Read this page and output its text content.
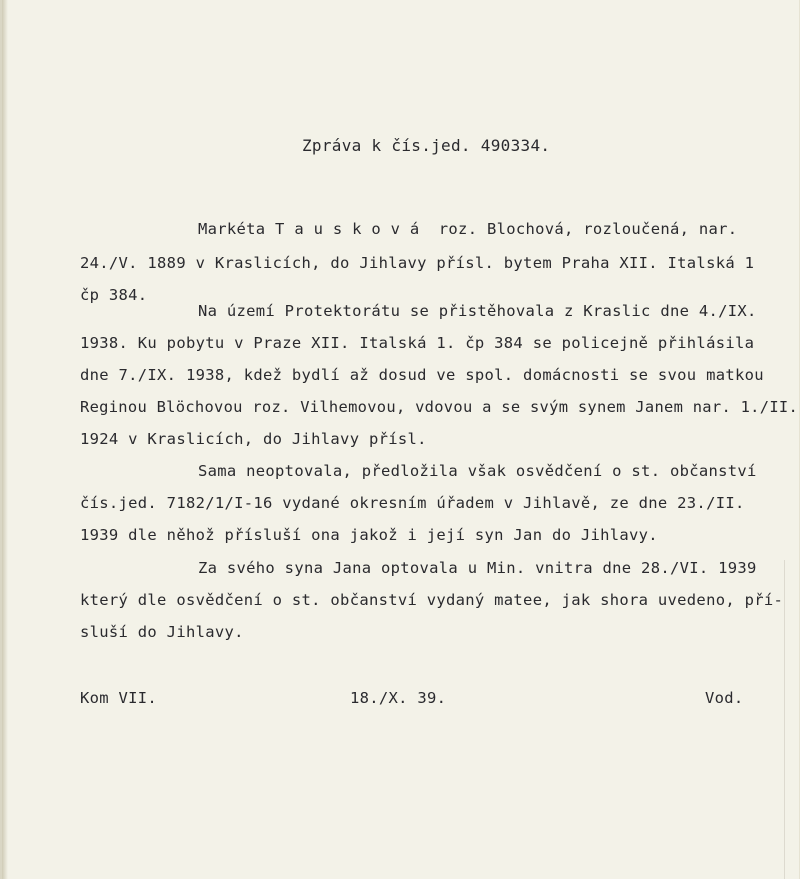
Zpráva k čís.jed. 490334.
Markéta T a u s k o v á  roz. Blochová, rozloučená, nar.
24./V. 1889 v Kraslicích, do Jihlavy přísl. bytem Praha XII. Italská 1
čp 384.
Na území Protektorátu se přistěhovala z Kraslic dne 4./IX.
1938. Ku pobytu v Praze XII. Italská 1. čp 384 se policejně přihlásila
dne 7./IX. 1938, kdež bydlí až dosud ve spol. domácnosti se svou matkou
Reginou Blöchovou roz. Vilhemovou, vdovou a se svým synem Janem nar. 1./II.
1924 v Kraslicích, do Jihlavy přísl.
Sama neoptovala, předložila však osvědčení o st. občanství
čís.jed. 7182/1/I-16 vydané okresním úřadem v Jihlavě, ze dne 23./II.
1939 dle něhož přísluší ona jakož i její syn Jan do Jihlavy.
Za svého syna Jana optovala u Min. vnitra dne 28./VI. 1939
který dle osvědčení o st. občanství vydaný matee, jak shora uvedeno, pří-
sluší do Jihlavy.
Kom VII.	18./X. 39.	Vod.
